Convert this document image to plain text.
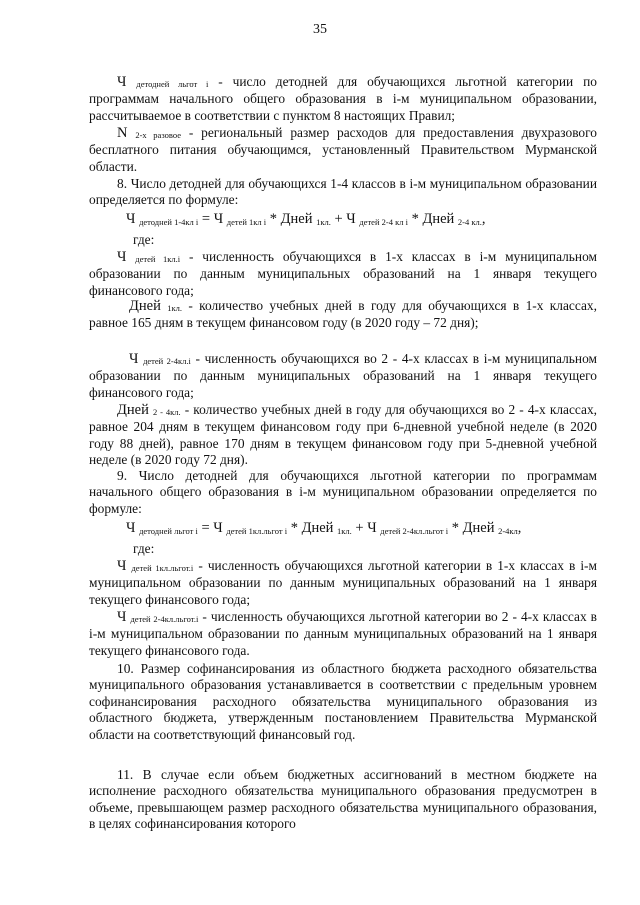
35

Ч детодней льгот i - число детодней для обучающихся льготной категории по программам начального общего образования в i-м муниципальном образовании, рассчитываемое в соответствии с пунктом 8 настоящих Правил;

N 2-х разовое - региональный размер расходов для предоставления двухразового бесплатного питания обучающимся, установленный Правительством Мурманской области.

8. Число детодней для обучающихся 1-4 классов в i-м муниципальном образовании определяется по формуле:

Ч детодней 1-4кл i = Ч детей 1кл i * Дней 1кл. + Ч детей 2-4 кл i * Дней 2-4 кл.,
где:

Ч детей 1кл.i - численность обучающихся в 1-х классах в i-м муниципальном образовании по данным муниципальных образований на 1 января текущего финансового года;

Дней 1кл. - количество учебных дней в году для обучающихся в 1-х классах, равное 165 дням в текущем финансовом году (в 2020 году – 72 дня);

Ч детей 2-4кл.i - численность обучающихся во 2 - 4-х классах в i-м муниципальном образовании по данным муниципальных образований на 1 января текущего финансового года;

Дней 2 - 4кл. - количество учебных дней в году для обучающихся во 2 - 4-х классах, равное 204 дням в текущем финансовом году при 6-дневной учебной неделе (в 2020 году 88 дней), равное 170 дням в текущем финансовом году при 5-дневной учебной неделе (в 2020 году 72 дня).

9. Число детодней для обучающихся льготной категории по программам начального общего образования в i-м муниципальном образовании определяется по формуле:

Ч детодней льгот i = Ч детей 1кл.льгот i * Дней 1кл. + Ч детей 2-4кл.льгот i * Дней 2-4кл,
где:

Ч детей 1кл.льгот.i - численность обучающихся льготной категории в 1-х классах в i-м муниципальном образовании по данным муниципальных образований на 1 января текущего финансового года;

Ч детей 2-4кл.льгот.i - численность обучающихся льготной категории во 2 - 4-х классах в i-м муниципальном образовании по данным муниципальных образований на 1 января текущего финансового года.

10. Размер софинансирования из областного бюджета расходного обязательства муниципального образования устанавливается в соответствии с предельным уровнем софинансирования расходного обязательства муниципального образования из областного бюджета, утвержденным постановлением Правительства Мурманской области на соответствующий финансовый год.

11. В случае если объем бюджетных ассигнований в местном бюджете на исполнение расходного обязательства муниципального образования предусмотрен в объеме, превышающем размер расходного обязательства муниципального образования, в целях софинансирования которого
